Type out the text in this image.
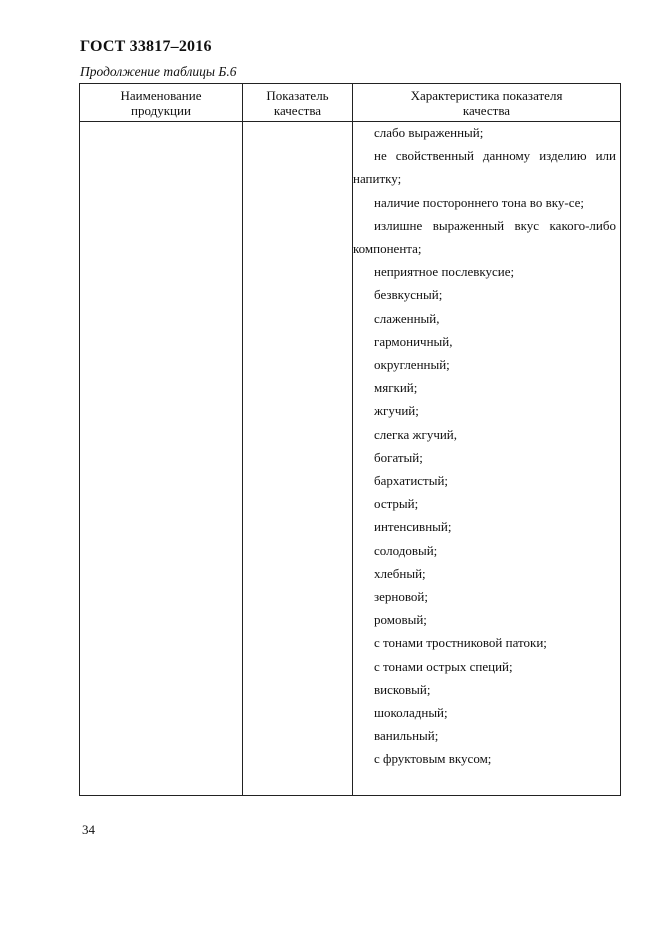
ГОСТ 33817–2016
Продолжение таблицы Б.6
Наименование
продукции
Показатель
качества
Характеристика показателя
качества
слабо выраженный;
не свойственный данному изделию или напитку;
наличие постороннего тона во вку-се;
излишне выраженный вкус какого-либо компонента;
неприятное послевкусие;
безвкусный;
слаженный,
гармоничный,
округленный;
мягкий;
жгучий;
слегка жгучий,
богатый;
бархатистый;
острый;
интенсивный;
солодовый;
хлебный;
зерновой;
ромовый;
с тонами тростниковой патоки;
с тонами острых специй;
висковый;
шоколадный;
ванильный;
с фруктовым вкусом;
34
